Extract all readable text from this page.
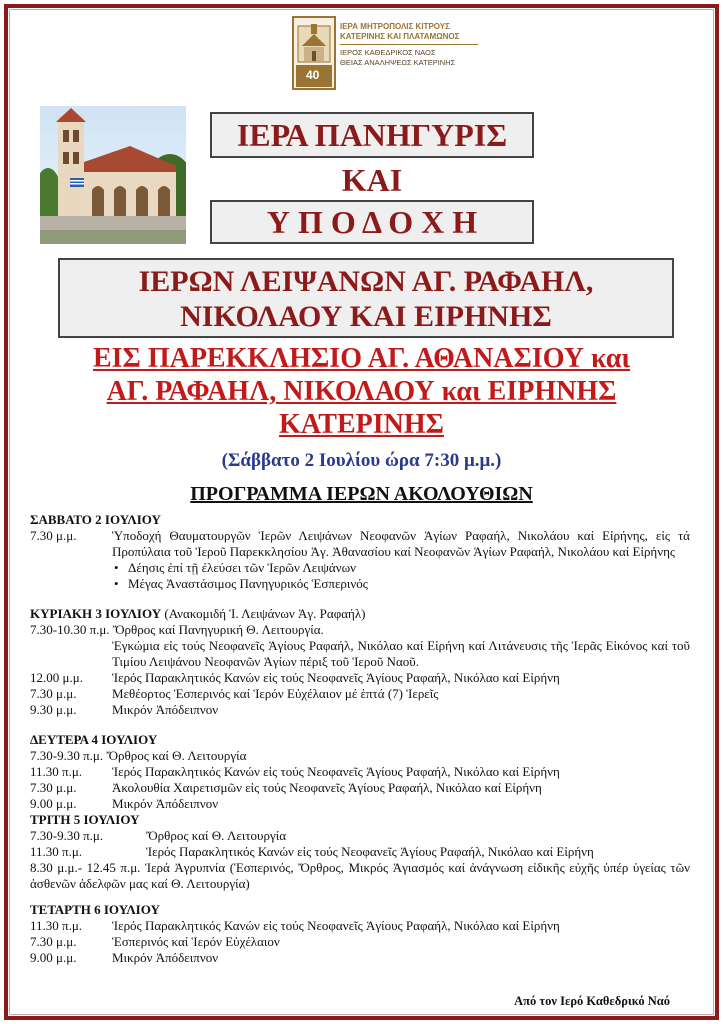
40
ΙΕΡΑ ΜΗΤΡΟΠΟΛΙΣ ΚΙΤΡΟΥΣ
ΚΑΤΕΡΙΝΗΣ ΚΑΙ ΠΛΑΤΑΜΩΝΟΣ
ΙΕΡΟΣ ΚΑΘΕΔΡΙΚΟΣ ΝΑΟΣ
ΘΕΙΑΣ ΑΝΑΛΗΨΕΩΣ ΚΑΤΕΡΙΝΗΣ
ΙΕΡΑ ΠΑΝΗΓΥΡΙΣ
ΚΑΙ
Υ Π Ο Δ Ο Χ Η
ΙΕΡΩΝ ΛΕΙΨΑΝΩΝ ΑΓ. ΡΑΦΑΗΛ,
ΝΙΚΟΛΑΟΥ ΚΑΙ ΕΙΡΗΝΗΣ
ΕΙΣ ΠΑΡΕΚΚΛΗΣΙΟ ΑΓ. ΑΘΑΝΑΣΙΟΥ και
ΑΓ. ΡΑΦΑΗΛ, ΝΙΚΟΛΑΟΥ και ΕΙΡΗΝΗΣ
ΚΑΤΕΡΙΝΗΣ
(Σάββατο 2 Ιουλίου ώρα 7:30 μ.μ.)
ΠΡΟΓΡΑΜΜΑ ΙΕΡΩΝ ΑΚΟΛΟΥΘΙΩΝ
ΣΑΒΒΑΤΟ 2 ΙΟΥΛΙΟΥ
7.30 μ.μ.	Ὑποδοχή Θαυματουργῶν Ἱερῶν Λειψάνων Νεοφανῶν Ἁγίων Ραφαήλ, Νικολάου καί Εἰρήνης, εἰς τά Προπύλαια τοῦ Ἱεροῦ Παρεκκλησίου Ἁγ. Ἀθανασίου καί Νεοφανῶν Ἁγίων Ραφαήλ, Νικολάου καί Εἰρήνης
• Δέησις ἐπί τῇ ἐλεύσει τῶν Ἱερῶν Λειψάνων
• Μέγας Ἀναστάσιμος Πανηγυρικός Ἑσπερινός
ΚΥΡΙΑΚΗ 3 ΙΟΥΛΙΟΥ (Ανακομιδή Ἱ. Λειψάνων Ἁγ. Ραφαήλ)
7.30-10.30 π.μ. Ὄρθρος καί Πανηγυρική Θ. Λειτουργία.
Ἐγκώμια εἰς τούς Νεοφανεῖς Ἁγίους Ραφαήλ, Νικόλαο καί Εἰρήνη καί Λιτάνευσις τῆς Ἱερᾶς Εἰκόνος καί τοῦ Τιμίου Λειψάνου Νεοφανῶν Ἁγίων πέριξ τοῦ Ἱεροῦ Ναοῦ.
12.00 μ.μ.	Ἱερός Παρακλητικός Κανών εἰς τούς Νεοφανεῖς Ἁγίους Ραφαήλ, Νικόλαο καί Εἰρήνη
7.30 μ.μ.	Μεθέορτος Ἑσπερινός καί Ἱερόν Εὐχέλαιον μέ ἑπτά (7) Ἱερεῖς
9.30 μ.μ.	Μικρόν Ἀπόδειπνον
ΔΕΥΤΕΡΑ 4 ΙΟΥΛΙΟΥ
7.30-9.30 π.μ. Ὄρθρος καί Θ. Λειτουργία
11.30 π.μ.	Ἱερός Παρακλητικός Κανών εἰς τούς Νεοφανεῖς Ἁγίους Ραφαήλ, Νικόλαο καί Εἰρήνη
7.30 μ.μ.	Ἀκολουθία Χαιρετισμῶν εἰς τούς Νεοφανεῖς Ἁγίους Ραφαήλ, Νικόλαο καί Εἰρήνη
9.00 μ.μ.	Μικρόν Ἀπόδειπνον
ΤΡΙΤΗ 5 ΙΟΥΛΙΟΥ
7.30-9.30 π.μ.	Ὄρθρος καί Θ. Λειτουργία
11.30 π.μ.	Ἱερός Παρακλητικός Κανών εἰς τούς Νεοφανεῖς Ἁγίους Ραφαήλ, Νικόλαο καί Εἰρήνη
8.30 μ.μ.- 12.45 π.μ. Ἱερά Ἀγρυπνία (Ἑσπερινός, Ὄρθρος, Μικρός Ἁγιασμός καί ἀνάγνωση εἰδικῆς εὐχῆς ὑπέρ ὑγείας τῶν ἀσθενῶν ἀδελφῶν μας καί Θ. Λειτουργία)
ΤΕΤΑΡΤΗ 6 ΙΟΥΛΙΟΥ
11.30 π.μ.	Ἱερός Παρακλητικός Κανών εἰς τούς Νεοφανεῖς Ἁγίους Ραφαήλ, Νικόλαο καί Εἰρήνη
7.30 μ.μ.	Ἑσπερινός καί Ἱερόν Εὐχέλαιον
9.00 μ.μ.	Μικρόν Ἀπόδειπνον
Από τον Ιερό Καθεδρικό Ναό
